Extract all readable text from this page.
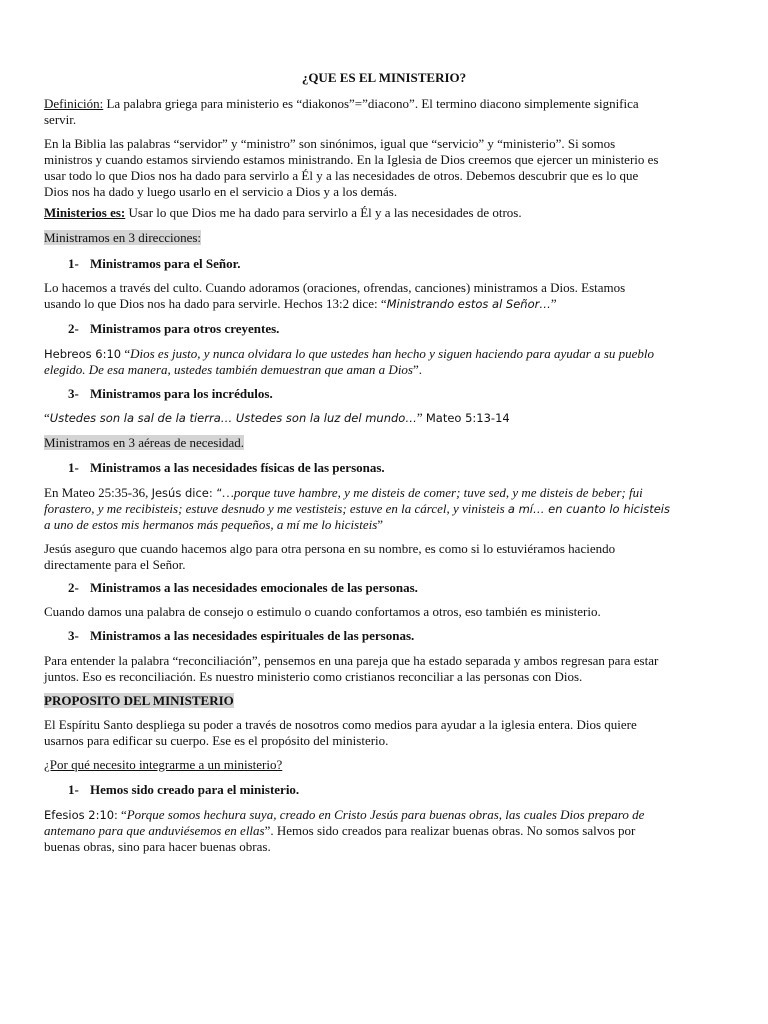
¿QUE ES EL MINISTERIO?

Definición: La palabra griega para ministerio es “diakonos”=”diacono”. El termino diacono simplemente significa

servir.

En la Biblia las palabras “servidor” y “ministro” son sinónimos, igual que “servicio” y “ministerio”. Si somos

ministros y cuando estamos sirviendo estamos ministrando. En la Iglesia de Dios creemos que ejercer un ministerio es

usar todo lo que Dios nos ha dado para servirlo a Él y a las necesidades de otros. Debemos descubrir que es lo que

Dios nos ha dado y luego usarlo en el servicio a Dios y a los demás.

Ministerios es: Usar lo que Dios me ha dado para servirlo a Él y a las necesidades de otros.

Ministramos en 3 direcciones:

1- Ministramos para el Señor.

Lo hacemos a través del culto. Cuando adoramos (oraciones, ofrendas, canciones) ministramos a Dios. Estamos

usando lo que Dios nos ha dado para servirle. Hechos 13:2 dice: “Ministrando estos al Señor…”

2- Ministramos para otros creyentes.

Hebreos 6:10 “Dios es justo, y nunca olvidara lo que ustedes han hecho y siguen haciendo para ayudar a su pueblo

elegido. De esa manera, ustedes también demuestran que aman a Dios”.

3- Ministramos para los incrédulos.

“Ustedes son la sal de la tierra… Ustedes son la luz del mundo…” Mateo 5:13-14

Ministramos en 3 aéreas de necesidad.

1- Ministramos a las necesidades físicas de las personas.

En Mateo 25:35-36, Jesús dice: “…porque tuve hambre, y me disteis de comer; tuve sed, y me disteis de beber; fui

forastero, y me recibisteis; estuve desnudo y me vestisteis; estuve en la cárcel, y vinisteis a mí… en cuanto lo hicisteis

a uno de estos mis hermanos más pequeños, a mí me lo hicisteis”

Jesús aseguro que cuando hacemos algo para otra persona en su nombre, es como si lo estuviéramos haciendo

directamente para el Señor.

2- Ministramos a las necesidades emocionales de las personas.

Cuando damos una palabra de consejo o estimulo o cuando confortamos a otros, eso también es ministerio.

3- Ministramos a las necesidades espirituales de las personas.

Para entender la palabra “reconciliación”, pensemos en una pareja que ha estado separada y ambos regresan para estar

juntos. Eso es reconciliación. Es nuestro ministerio como cristianos reconciliar a las personas con Dios.

PROPOSITO DEL MINISTERIO

El Espíritu Santo despliega su poder a través de nosotros como medios para ayudar a la iglesia entera. Dios quiere

usarnos para edificar su cuerpo. Ese es el propósito del ministerio.

¿Por qué necesito integrarme a un ministerio?

1- Hemos sido creado para el ministerio.

Efesios 2:10: “Porque somos hechura suya, creado en Cristo Jesús para buenas obras, las cuales Dios preparo de

antemano para que anduviésemos en ellas”. Hemos sido creados para realizar buenas obras. No somos salvos por

buenas obras, sino para hacer buenas obras.
